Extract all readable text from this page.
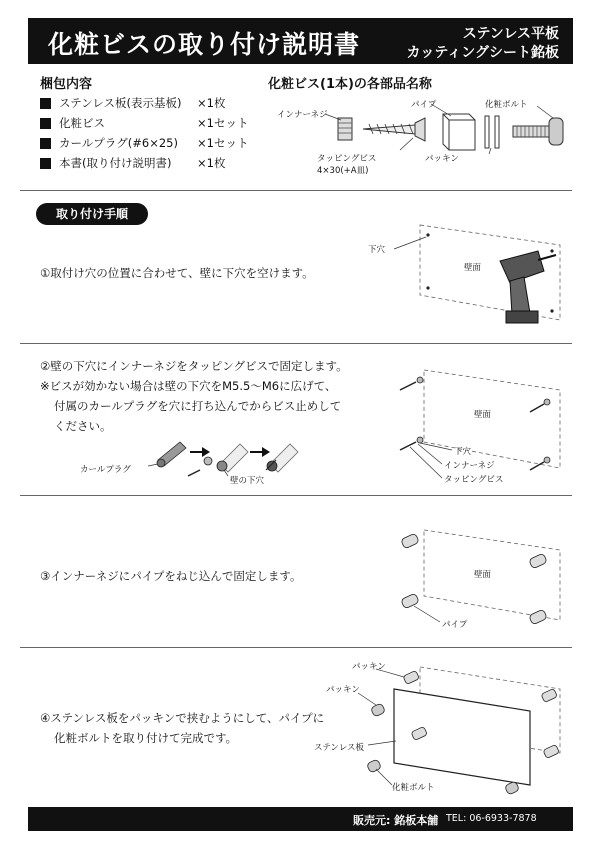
化粧ビスの取り付け説明書	ステンレス平板
カッティングシート銘板
梱包内容
ステンレス板(表示基板)	×1枚
化粧ビス	×1セット
カールプラグ(#6×25)	×1セット
本書(取り付け説明書)	×1枚
化粧ビス(1本)の各部品名称
インナーネジ
パイプ	化粧ボルト
タッピングビス
4×30(+A皿)
パッキン
取り付け手順
①取付け穴の位置に合わせて、壁に下穴を空けます。
下穴
壁面
②壁の下穴にインナーネジをタッピングビスで固定します。
※ビスが効かない場合は壁の下穴をM5.5〜M6に広げて、
付属のカールプラグを穴に打ち込んでからビス止めして
ください。
カールプラグ
壁の下穴
壁面
下穴
インナーネジ
タッピングビス
③インナーネジにパイプをねじ込んで固定します。	壁面
パイプ
④ステンレス板をパッキンで挟むようにして、パイプに
化粧ボルトを取り付けて完成です。
パッキン
パッキン
ステンレス板
化粧ボルト
販売元: 銘板本舗 TEL: 06-6933-7878
